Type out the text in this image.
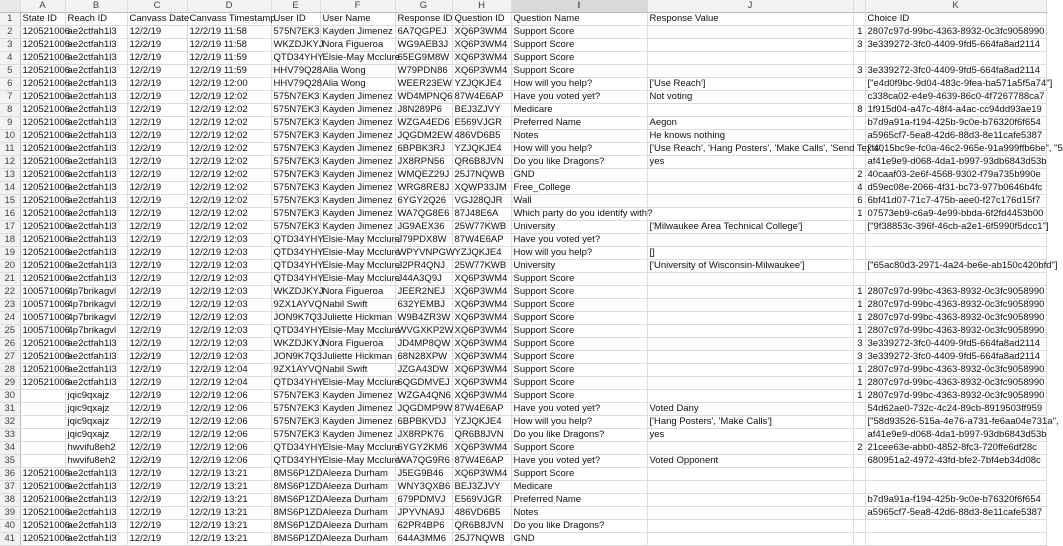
	A	B	C	D	E	F	G	H	I	J		K
1	State ID	Reach ID	Canvass Date	Canvass Timestamp	User ID	User Name	Response ID	Question ID	Question Name	Response Value		Choice ID
2	120521006	ae2ctfah1l3	12/2/19	12/2/19 11:58	575N7EK3	Kayden Jimenez	6A7QGPEJ	XQ6P3WM4	Support Score		1	2807c97d-99bc-4363-8932-0c3fc9058990
3	120521006	ae2ctfah1l3	12/2/19	12/2/19 11:58	WKZDJKYJ	Nora Figueroa	WG9AEB3J	XQ6P3WM4	Support Score		3	3e339272-3fc0-4409-9fd5-664fa8ad2114
4	120521006	ae2ctfah1l3	12/2/19	12/2/19 11:59	QTD34YHY	Elsie-May Mcclure	65EG9M8W	XQ6P3WM4	Support Score			
5	120521006	ae2ctfah1l3	12/2/19	12/2/19 11:59	HHV79Q28	Alia Wong	W79PDN86	XQ6P3WM4	Support Score		3	3e339272-3fc0-4409-9fd5-664fa8ad2114
6	120521006	ae2ctfah1l3	12/2/19	12/2/19 12:00	HHV79Q28	Alia Wong	WEER23EW	YZJQKJE4	How will you help?	['Use Reach']		["e4d0f9bc-9d04-483c-9fea-ba571a5f5a74"]
7	120521006	ae2ctfah1l3	12/2/19	12/2/19 12:02	575N7EK3	Kayden Jimenez	WD4MPNQ6	87W4E6AP	Have you voted yet?	Not voting		c338ca02-e4e9-4639-86c0-4f7267788ca7
8	120521006	ae2ctfah1l3	12/2/19	12/2/19 12:02	575N7EK3	Kayden Jimenez	J8N289P6	BEJ3ZJVY	Medicare		8	1f915d04-a47c-48f4-a4ac-cc94dd93ae19
9	120521006	ae2ctfah1l3	12/2/19	12/2/19 12:02	575N7EK3	Kayden Jimenez	WZGA4ED6	E569VJGR	Preferred Name	Aegon		b7d9a91a-f194-425b-9c0e-b76320f6f654
10	120521006	ae2ctfah1l3	12/2/19	12/2/19 12:02	575N7EK3	Kayden Jimenez	JQGDM2EW	486VD6B5	Notes	He knows nothing		a5965cf7-5ea8-42d6-88d3-8e11cafe5387
11	120521006	ae2ctfah1l3	12/2/19	12/2/19 12:02	575N7EK3	Kayden Jimenez	6BPBK3RJ	YZJQKJE4	How will you help?	['Use Reach', 'Hang Posters', 'Make Calls', 'Send Texts',		["4015bc9e-fc0a-46c2-965e-91a999ffb6be", "5
12	120521006	ae2ctfah1l3	12/2/19	12/2/19 12:02	575N7EK3	Kayden Jimenez	JX8RPN56	QR6B8JVN	Do you like Dragons?	yes		af41e9e9-d068-4da1-b997-93db6843d53b
13	120521006	ae2ctfah1l3	12/2/19	12/2/19 12:02	575N7EK3	Kayden Jimenez	WMQEZ29J	25J7NQWB	GND		2	40caaf03-2e6f-4568-9302-f79a735b990e
14	120521006	ae2ctfah1l3	12/2/19	12/2/19 12:02	575N7EK3	Kayden Jimenez	WRG8RE8J	XQWP33JM	Free_College		4	d59ec08e-2066-4f31-bc73-977b0646b4fc
15	120521006	ae2ctfah1l3	12/2/19	12/2/19 12:02	575N7EK3	Kayden Jimenez	6YGY2Q26	VGJ28QJR	Wall		6	6bf41d07-71c7-475b-aee0-f27c176d15f7
16	120521006	ae2ctfah1l3	12/2/19	12/2/19 12:02	575N7EK3	Kayden Jimenez	WA7QG8E6	87J48E6A	Which party do you identify with?		1	07573eb9-c6a9-4e99-bbda-6f2fd4453b00
17	120521006	ae2ctfah1l3	12/2/19	12/2/19 12:02	575N7EK3	Kayden Jimenez	JG9AEX36	25W77KWB	University	['Milwaukee Area Technical College']		["9f38853c-396f-46cb-a2e1-6f5990f5dcc1"]
18	120521006	ae2ctfah1l3	12/2/19	12/2/19 12:03	QTD34YHY	Elsie-May Mcclure	J79PDX8W	87W4E6AP	Have you voted yet?			
19	120521006	ae2ctfah1l3	12/2/19	12/2/19 12:03	QTD34YHY	Elsie-May Mcclure	WPYVNPGW	YZJQKJE4	How will you help?	[]		
20	120521006	ae2ctfah1l3	12/2/19	12/2/19 12:03	QTD34YHY	Elsie-May Mcclure	J2PR4QNJ	25W77KWB	University	['University of Wisconsin-Milwaukee']		["65ac80d3-2971-4a24-be6e-ab150c420bfd"]
21	120521006	ae2ctfah1l3	12/2/19	12/2/19 12:03	QTD34YHY	Elsie-May Mcclure	J44A3Q9J	XQ6P3WM4	Support Score			
22	100571006	4p7brikagvl	12/2/19	12/2/19 12:03	WKZDJKYJ	Nora Figueroa	JEER2NEJ	XQ6P3WM4	Support Score		1	2807c97d-99bc-4363-8932-0c3fc9058990
23	100571006	4p7brikagvl	12/2/19	12/2/19 12:03	9ZX1AYVQ	Nabil Swift	632YEMBJ	XQ6P3WM4	Support Score		1	2807c97d-99bc-4363-8932-0c3fc9058990
24	100571006	4p7brikagvl	12/2/19	12/2/19 12:03	JON9K7Q3	Juliette Hickman	W9B4ZR3W	XQ6P3WM4	Support Score		1	2807c97d-99bc-4363-8932-0c3fc9058990
25	100571006	4p7brikagvl	12/2/19	12/2/19 12:03	QTD34YHY	Elsie-May Mcclure	WVGXKP2W	XQ6P3WM4	Support Score		1	2807c97d-99bc-4363-8932-0c3fc9058990
26	120521006	ae2ctfah1l3	12/2/19	12/2/19 12:03	WKZDJKYJ	Nora Figueroa	JD4MP8QW	XQ6P3WM4	Support Score		3	3e339272-3fc0-4409-9fd5-664fa8ad2114
27	120521006	ae2ctfah1l3	12/2/19	12/2/19 12:03	JON9K7Q3	Juliette Hickman	68N28XPW	XQ6P3WM4	Support Score		3	3e339272-3fc0-4409-9fd5-664fa8ad2114
28	120521006	ae2ctfah1l3	12/2/19	12/2/19 12:04	9ZX1AYVQ	Nabil Swift	JZGA43DW	XQ6P3WM4	Support Score		1	2807c97d-99bc-4363-8932-0c3fc9058990
29	120521006	ae2ctfah1l3	12/2/19	12/2/19 12:04	QTD34YHY	Elsie-May Mcclure	6QGDMVEJ	XQ6P3WM4	Support Score		1	2807c97d-99bc-4363-8932-0c3fc9058990
30		jqic9qxajz	12/2/19	12/2/19 12:06	575N7EK3	Kayden Jimenez	WZGA4QN6	XQ6P3WM4	Support Score		1	2807c97d-99bc-4363-8932-0c3fc9058990
31		jqic9qxajz	12/2/19	12/2/19 12:06	575N7EK3	Kayden Jimenez	JQGDMP9W	87W4E6AP	Have you voted yet?	Voted Dany		54d62ae0-732c-4c24-89cb-8919503ff959
32		jqic9qxajz	12/2/19	12/2/19 12:06	575N7EK3	Kayden Jimenez	6BPBKVDJ	YZJQKJE4	How will you help?	['Hang Posters', 'Make Calls']		["58d93526-515a-4e76-a731-fe6aa04e731a",
33		jqic9qxajz	12/2/19	12/2/19 12:06	575N7EK3	Kayden Jimenez	JX8RPK76	QR6B8JVN	Do you like Dragons?	yes		af41e9e9-d068-4da1-b997-93db6843d53b
34		hwvifu8eh2	12/2/19	12/2/19 12:06	QTD34YHY	Elsie-May Mcclure	6YGY2KM6	XQ6P3WM4	Support Score		2	21cee63e-abb0-4852-8fc3-720ffe6df28c
35		hwvifu8eh2	12/2/19	12/2/19 12:06	QTD34YHY	Elsie-May Mcclure	WA7QG9R6	87W4E6AP	Have you voted yet?	Voted Opponent		680951a2-4972-43fd-bfe2-7bf4eb34d08c
36	120521006	ae2ctfah1l3	12/2/19	12/2/19 13:21	8MS6P1ZD	Aleeza Durham	J5EG9B46	XQ6P3WM4	Support Score			
37	120521006	ae2ctfah1l3	12/2/19	12/2/19 13:21	8MS6P1ZD	Aleeza Durham	WNY3QXB6	BEJ3ZJVY	Medicare			
38	120521006	ae2ctfah1l3	12/2/19	12/2/19 13:21	8MS6P1ZD	Aleeza Durham	679PDMVJ	E569VJGR	Preferred Name			b7d9a91a-f194-425b-9c0e-b76320f6f654
39	120521006	ae2ctfah1l3	12/2/19	12/2/19 13:21	8MS6P1ZD	Aleeza Durham	JPYVNA9J	486VD6B5	Notes			a5965cf7-5ea8-42d6-88d3-8e11cafe5387
40	120521006	ae2ctfah1l3	12/2/19	12/2/19 13:21	8MS6P1ZD	Aleeza Durham	62PR4BP6	QR6B8JVN	Do you like Dragons?			
41	120521006	ae2ctfah1l3	12/2/19	12/2/19 13:21	8MS6P1ZD	Aleeza Durham	644A3MM6	25J7NQWB	GND			
